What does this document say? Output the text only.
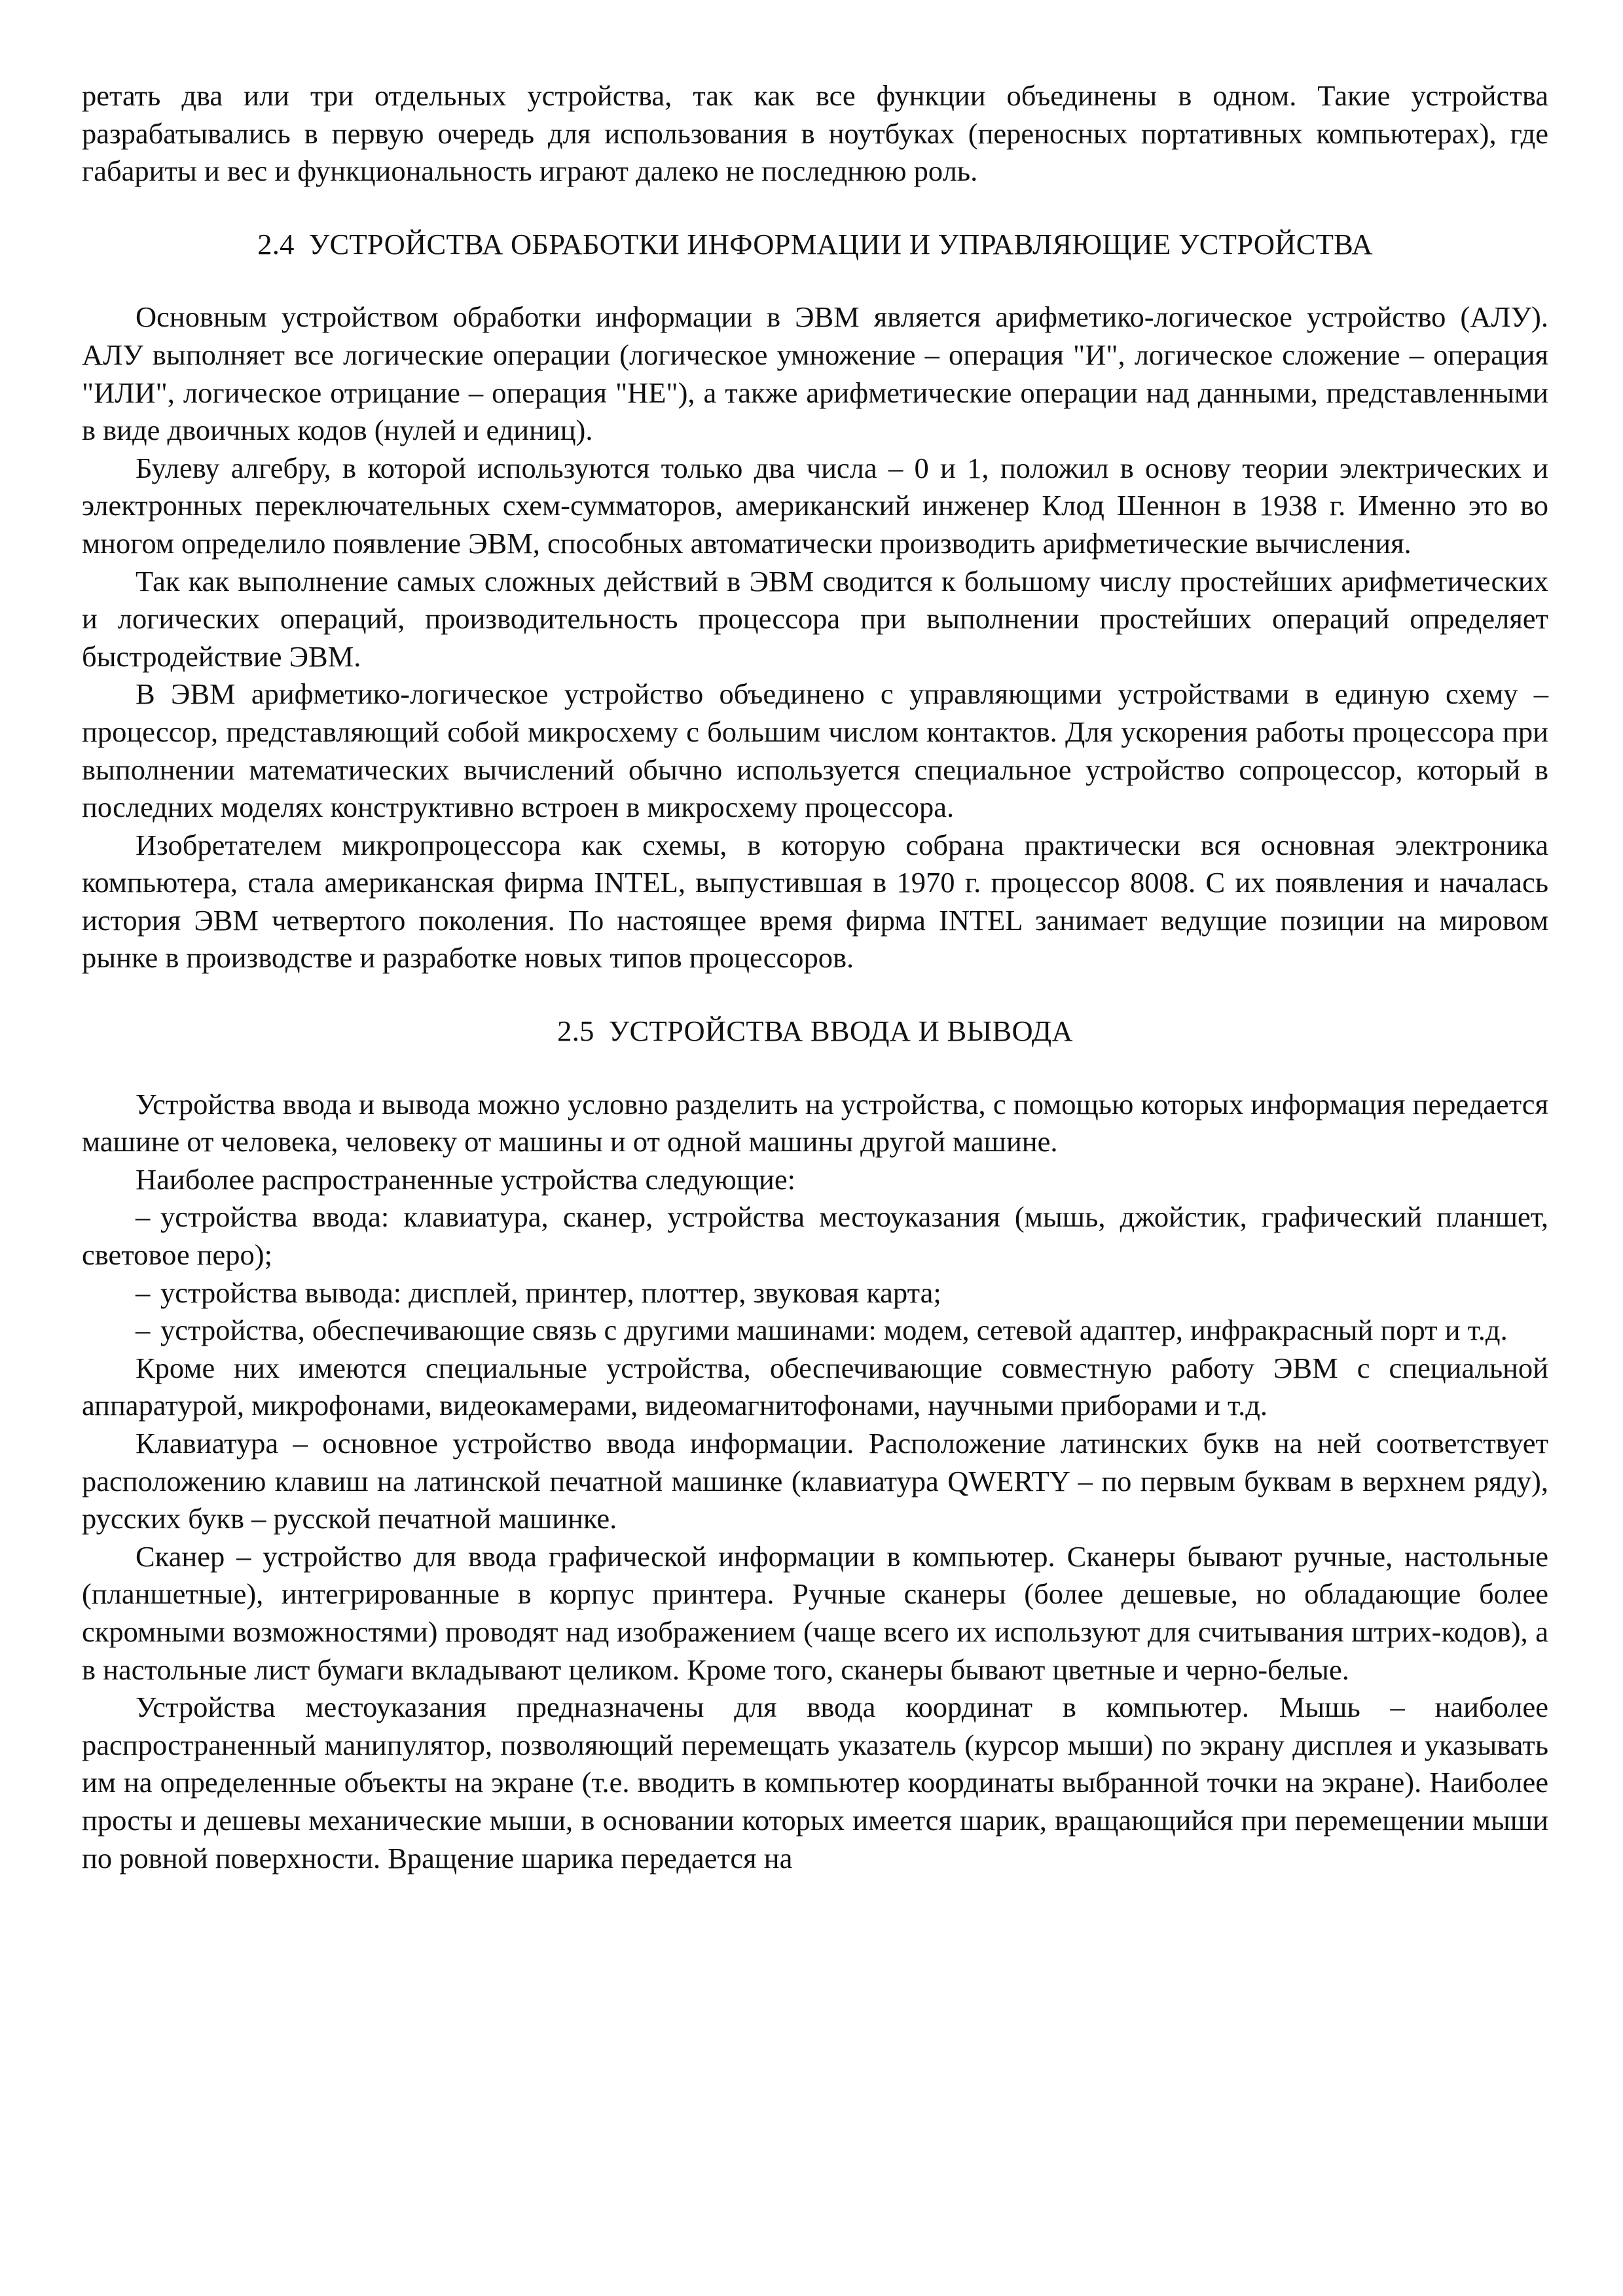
ретать два или три отдельных устройства, так как все функции объединены в одном. Такие устройства разрабатывались в первую очередь для использования в ноутбуках (переносных портативных компьютерах), где габариты и вес и функциональность играют далеко не последнюю роль.

2.4 УСТРОЙСТВА ОБРАБОТКИ ИНФОРМАЦИИ И УПРАВЛЯЮЩИЕ УСТРОЙСТВА

Основным устройством обработки информации в ЭВМ является арифметико-логическое устройство (АЛУ). АЛУ выполняет все логические операции (логическое умножение – операция "И", логическое сложение – операция "ИЛИ", логическое отрицание – операция "НЕ"), а также арифметические операции над данными, представленными в виде двоичных кодов (нулей и единиц).

Булеву алгебру, в которой используются только два числа – 0 и 1, положил в основу теории электрических и электронных переключательных схем-сумматоров, американский инженер Клод Шеннон в 1938 г. Именно это во многом определило появление ЭВМ, способных автоматически производить арифметические вычисления.

Так как выполнение самых сложных действий в ЭВМ сводится к большому числу простейших арифметических и логических операций, производительность процессора при выполнении простейших операций определяет быстродействие ЭВМ.

В ЭВМ арифметико-логическое устройство объединено с управляющими устройствами в единую схему – процессор, представляющий собой микросхему с большим числом контактов. Для ускорения работы процессора при выполнении математических вычислений обычно используется специальное устройство сопроцессор, который в последних моделях конструктивно встроен в микросхему процессора.

Изобретателем микропроцессора как схемы, в которую собрана практически вся основная электроника компьютера, стала американская фирма INTEL, выпустившая в 1970 г. процессор 8008. С их появления и началась история ЭВМ четвертого поколения. По настоящее время фирма INTEL занимает ведущие позиции на мировом рынке в производстве и разработке новых типов процессоров.

2.5 УСТРОЙСТВА ВВОДА И ВЫВОДА

Устройства ввода и вывода можно условно разделить на устройства, с помощью которых информация передается машине от человека, человеку от машины и от одной машины другой машине.

Наиболее распространенные устройства следующие:

– устройства ввода: клавиатура, сканер, устройства местоуказания (мышь, джойстик, графический планшет, световое перо);

– устройства вывода: дисплей, принтер, плоттер, звуковая карта;

– устройства, обеспечивающие связь с другими машинами: модем, сетевой адаптер, инфракрасный порт и т.д.

Кроме них имеются специальные устройства, обеспечивающие совместную работу ЭВМ с специальной аппаратурой, микрофонами, видеокамерами, видеомагнитофонами, научными приборами и т.д.

Клавиатура – основное устройство ввода информации. Расположение латинских букв на ней соответствует расположению клавиш на латинской печатной машинке (клавиатура QWERTY – по первым буквам в верхнем ряду), русских букв – русской печатной машинке.

Сканер – устройство для ввода графической информации в компьютер. Сканеры бывают ручные, настольные (планшетные), интегрированные в корпус принтера. Ручные сканеры (более дешевые, но обладающие более скромными возможностями) проводят над изображением (чаще всего их используют для считывания штрих-кодов), а в настольные лист бумаги вкладывают целиком. Кроме того, сканеры бывают цветные и черно-белые.

Устройства местоуказания предназначены для ввода координат в компьютер. Мышь – наиболее распространенный манипулятор, позволяющий перемещать указатель (курсор мыши) по экрану дисплея и указывать им на определенные объекты на экране (т.е. вводить в компьютер координаты выбранной точки на экране). Наиболее просты и дешевы механические мыши, в основании которых имеется шарик, вращающийся при перемещении мыши по ровной поверхности. Вращение шарика передается на
